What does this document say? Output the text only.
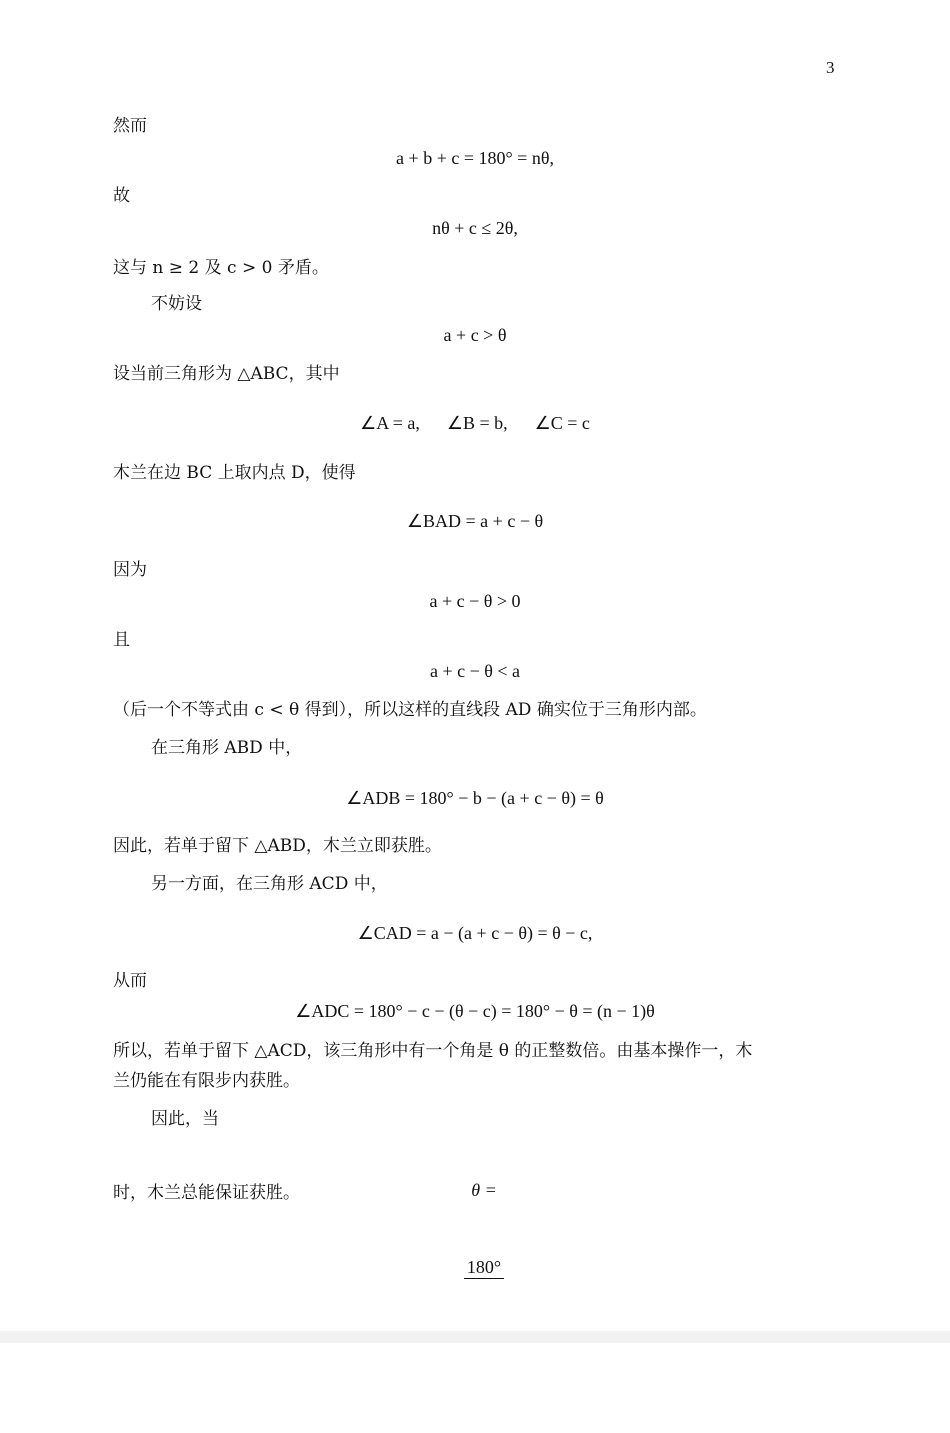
3
然而
a + b + c = 180° = nθ,
故
nθ + c ≤ 2θ,
这与 n ≥ 2 及 c > 0 矛盾。
不妨设
a + c > θ
设当前三角形为 △ABC，其中
∠A = a,      ∠B = b,      ∠C = c
木兰在边 BC 上取内点 D，使得
∠BAD = a + c − θ
因为
a + c − θ > 0
且
a + c − θ < a
（后一个不等式由 c < θ 得到），所以这样的直线段 AD 确实位于三角形内部。
在三角形 ABD 中，
∠ADB = 180° − b − (a + c − θ) = θ
因此，若单于留下 △ABD，木兰立即获胜。
另一方面，在三角形 ACD 中，
∠CAD = a − (a + c − θ) = θ − c,
从而
∠ADC = 180° − c − (θ − c) = 180° − θ = (n − 1)θ
所以，若单于留下 △ACD，该三角形中有一个角是 θ 的正整数倍。由基本操作一，木
兰仍能在有限步内获胜。
因此，当

θ =

180°

时，木兰总能保证获胜。
